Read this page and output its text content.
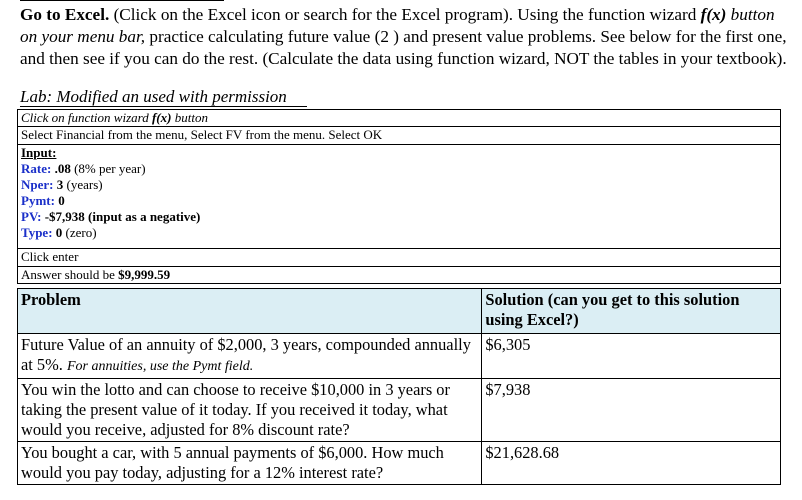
Go to Excel. (Click on the Excel icon or search for the Excel program). Using the function wizard f(x) button on your menu bar, practice calculating future value (2 ) and present value problems. See below for the first one, and then see if you can do the rest. (Calculate the data using function wizard, NOT the tables in your textbook).
Lab: Modified an used with permission
Click on function wizard f(x) button
Select Financial from the menu, Select FV from the menu. Select OK
Input:
Rate: .08 (8% per year)
Nper: 3 (years)
Pymt: 0
PV: -$7,938 (input as a negative)
Type: 0 (zero)
Click enter
Answer should be $9,999.59
Problem	Solution (can you get to this solution using Excel?)
Future Value of an annuity of $2,000, 3 years, compounded annually at 5%. For annuities, use the Pymt field.	$6,305
You win the lotto and can choose to receive $10,000 in 3 years or taking the present value of it today. If you received it today, what would you receive, adjusted for 8% discount rate?	$7,938
You bought a car, with 5 annual payments of $6,000. How much would you pay today, adjusting for a 12% interest rate?	$21,628.68
